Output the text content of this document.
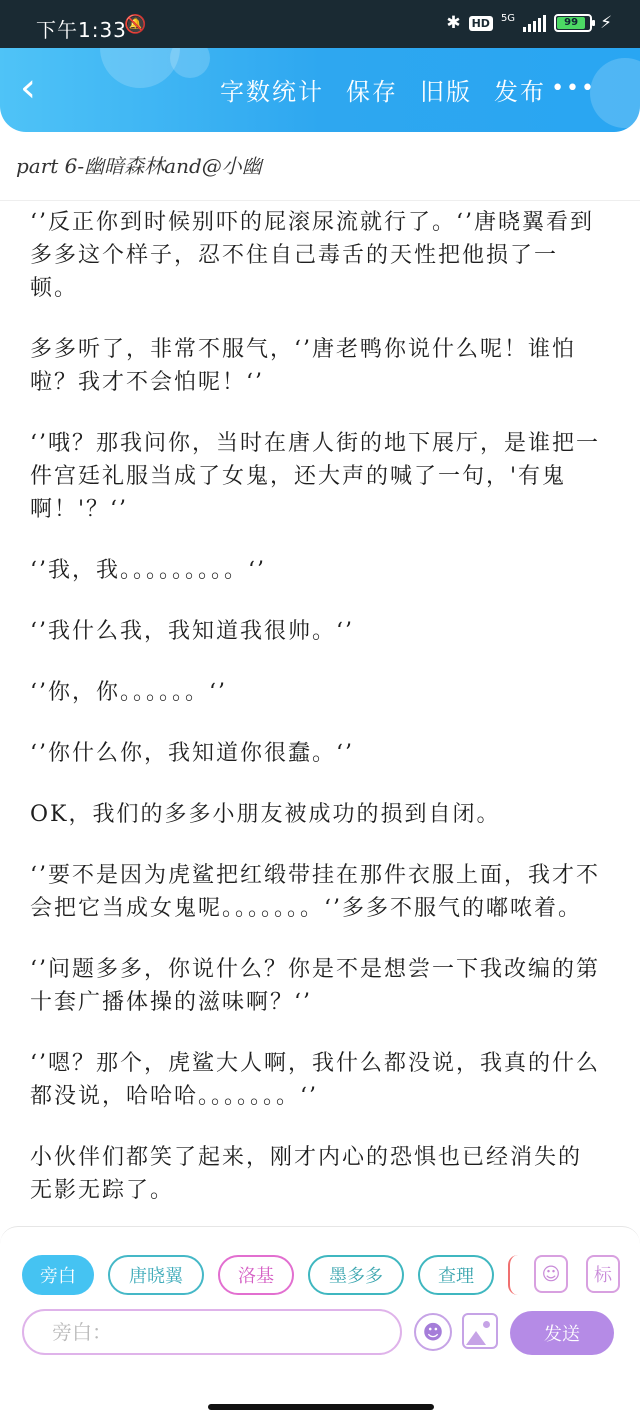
下午1:33
🔕	✱ HD	5G	99	⚡
‹	字数统计 保存 旧版 发布 •••
part 6-幽暗森林and@小幽

‘’反正你到时候别吓的屁滚尿流就行了。‘’唐晓翼看到多多这个样子，忍不住自己毒舌的天性把他损了一顿。

多多听了，非常不服气，‘’唐老鸭你说什么呢！谁怕啦？我才不会怕呢！‘’

‘’哦？那我问你，当时在唐人街的地下展厅，是谁把一件宫廷礼服当成了女鬼，还大声的喊了一句，'有鬼啊！'？‘’

‘’我，我。。。。。。。。。‘’

‘’我什么我，我知道我很帅。‘’

‘’你，你。。。。。。‘’

‘’你什么你，我知道你很蠢。‘’

OK，我们的多多小朋友被成功的损到自闭。

‘’要不是因为虎鲨把红缎带挂在那件衣服上面，我才不会把它当成女鬼呢。。。。。。。‘’多多不服气的嘟哝着。

‘’问题多多，你说什么？你是不是想尝一下我改编的第十套广播体操的滋味啊？‘’

‘’嗯？那个，虎鲨大人啊，我什么都没说，我真的什么都没说，哈哈哈。。。。。。。‘’

小伙伴们都笑了起来，刚才内心的恐惧也已经消失的无影无踪了。

旁白	唐晓翼	洛基	墨多多	查理	☺	标
旁白：
☻	发送
